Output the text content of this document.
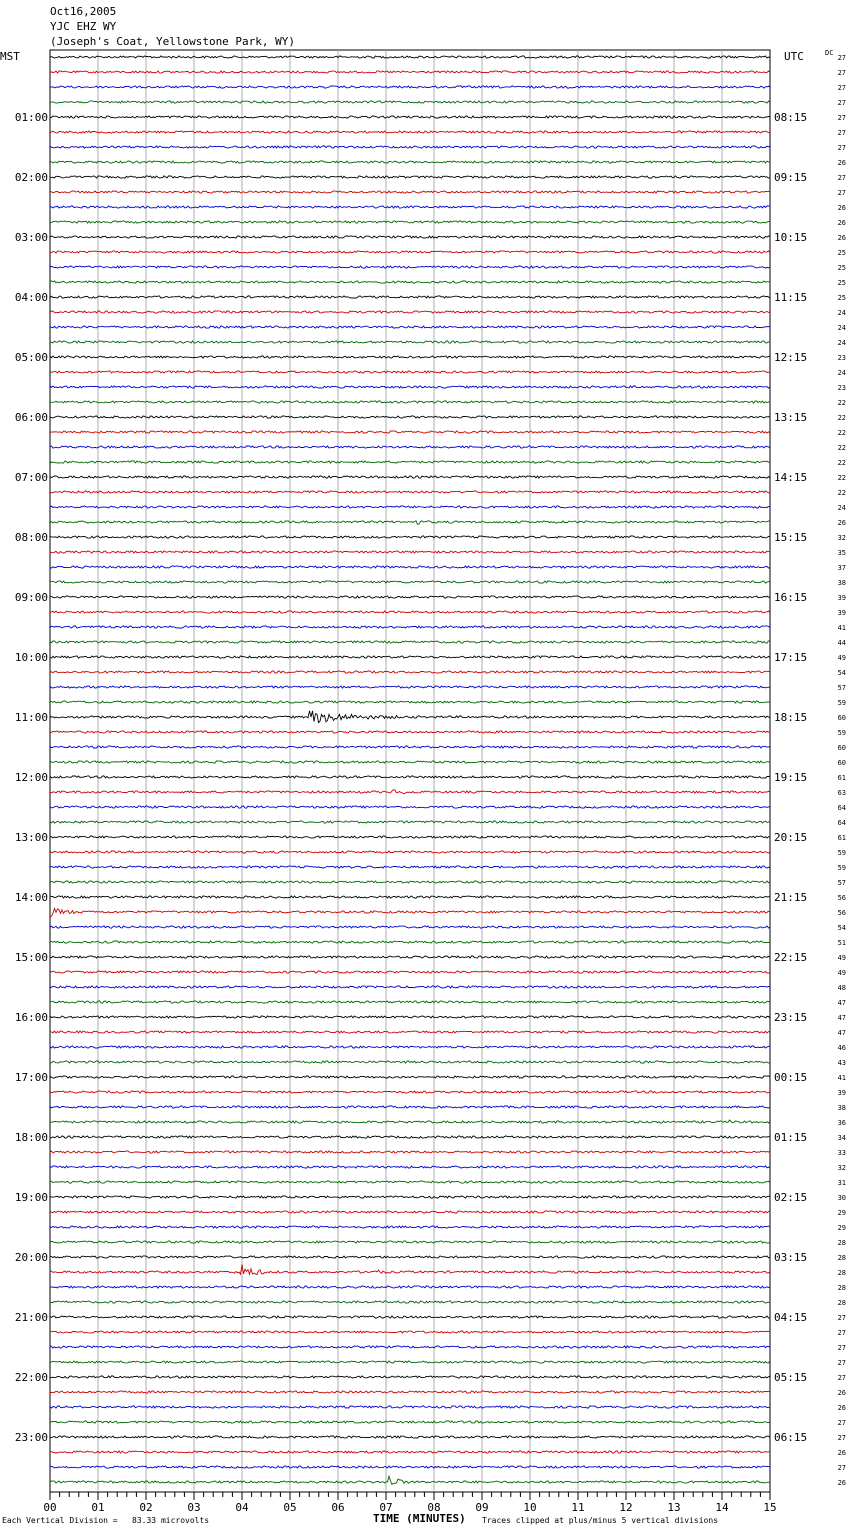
Oct16,2005
YJC EHZ WY
(Joseph's Coat, Yellowstone Park, WY)
MST	UTC	DC
01:00
02:00
03:00
04:00
05:00
06:00
07:00
08:00
09:00
10:00
11:00
12:00
13:00
14:00
15:00
16:00
17:00
18:00
19:00
20:00
21:00
22:00
23:00
08:15
09:15
10:15
11:15
12:15
13:15
14:15
15:15
16:15
17:15
18:15
19:15
20:15
21:15
22:15
23:15
00:15
01:15
02:15
03:15
04:15
05:15
06:15
27
27
27
27
27
27
27
26
27
27
26
26
26
25
25
25
25
24
24
24
23
24
23
22
22
22
22
22
22
22
24
26
32
35
37
38
39
39
41
44
49
54
57
59
60
59
60
60
61
63
64
64
61
59
59
57
56
56
54
51
49
49
48
47
47
47
46
43
41
39
38
36
34
33
32
31
30
29
29
28
28
28
28
28
27
27
27
27
27
26
26
27
27
26
27
26
00	01	02	03	04	05	06	07	08	09	10	11	12	13	14	15
Each Vertical Division =   83.33 microvolts	TIME (MINUTES) Traces clipped at plus/minus 5 vertical divisions
